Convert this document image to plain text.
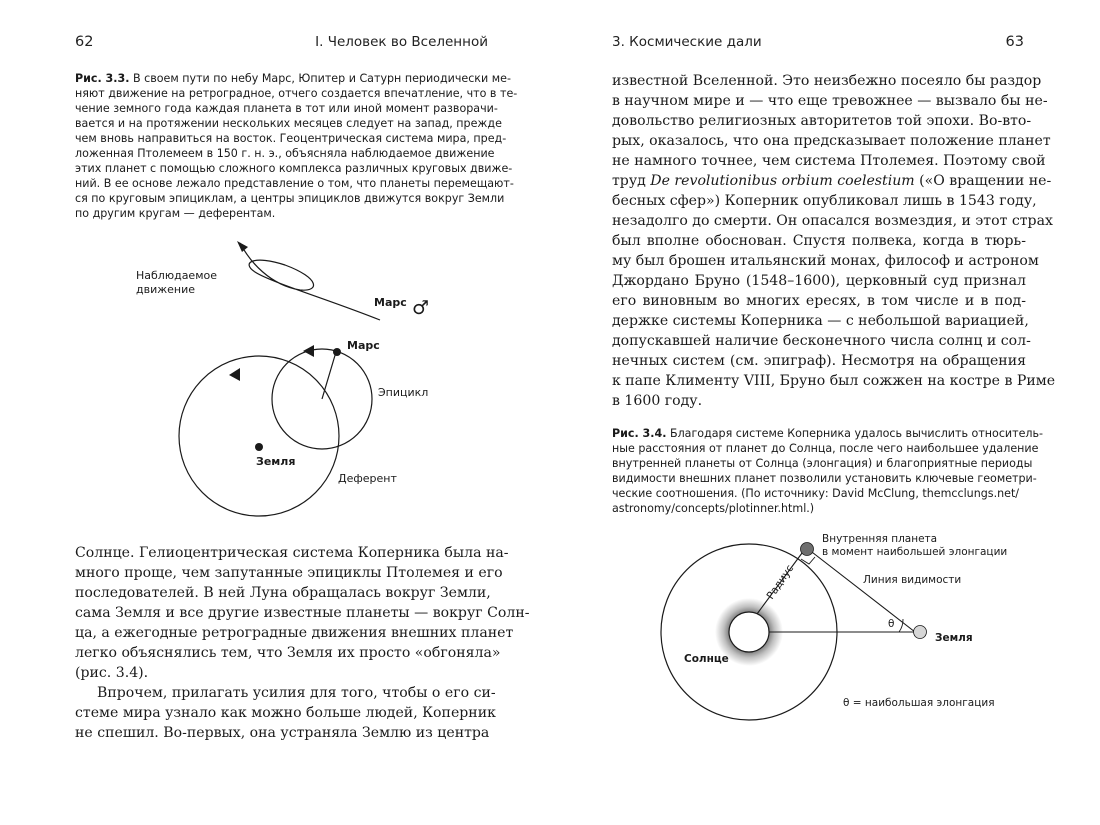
62	I. Человек во Вселенной
Рис. 3.3. В своем пути по небу Марс, Юпитер и Сатурн периодически ме-
няют движение на ретроградное, отчего создается впечатление, что в те-
чение земного года каждая планета в тот или иной момент разворачи-
вается и на протяжении нескольких месяцев следует на запад, прежде
чем вновь направиться на восток. Геоцентрическая система мира, пред-
ложенная Птолемеем в 150 г. н. э., объясняла наблюдаемое движение
этих планет с помощью сложного комплекса различных круговых движе-
ний. В ее основе лежало представление о том, что планеты перемещают-
ся по круговым эпициклам, а центры эпициклов движутся вокруг Земли
по другим кругам — деферентам.
Наблюдаемое
движение
Марс ♂
Марс
Эпицикл
Земля
Деферент
Солнце. Гелиоцентрическая система Коперника была на-
много проще, чем запутанные эпициклы Птолемея и его
последователей. В ней Луна обращалась вокруг Земли,
сама Земля и все другие известные планеты — вокруг Солн-
ца, а ежегодные ретроградные движения внешних планет
легко объяснялись тем, что Земля их просто «обгоняла»
(рис. 3.4).
Впрочем, прилагать усилия для того, чтобы о его си-
стеме мира узнало как можно больше людей, Коперник
не спешил. Во-первых, она устраняла Землю из центра
3. Космические дали	63
известной Вселенной. Это неизбежно посеяло бы раздор
в научном мире и — что еще тревожнее — вызвало бы не-
довольство религиозных авторитетов той эпохи. Во-вто-
рых, оказалось, что она предсказывает положение планет
не намного точнее, чем система Птолемея. Поэтому свой
труд De revolutionibus orbium coelestium («О вращении не-
бесных сфер») Коперник опубликовал лишь в 1543 году,
незадолго до смерти. Он опасался возмездия, и этот страх
был вполне обоснован. Спустя полвека, когда в тюрь-
му был брошен итальянский монах, философ и астроном
Джордано Бруно (1548–1600), церковный суд признал
его виновным во многих ересях, в том числе и в под-
держке системы Коперника — с небольшой вариацией,
допускавшей наличие бесконечного числа солнц и сол-
нечных систем (см. эпиграф). Несмотря на обращения
к папе Клименту VIII, Бруно был сожжен на костре в Риме
в 1600 году.
Рис. 3.4. Благодаря системе Коперника удалось вычислить относитель-
ные расстояния от планет до Солнца, после чего наибольшее удаление
внутренней планеты от Солнца (элонгация) и благоприятные периоды
видимости внешних планет позволили установить ключевые геометри-
ческие соотношения. (По источнику: David McClung, themcclungs.net/
astronomy/concepts/plotinner.html.)
θ
Внутренняя планета
в момент наибольшей элонгации
Линия видимости
Радиус
Солнце
Земля
θ = наибольшая элонгация
